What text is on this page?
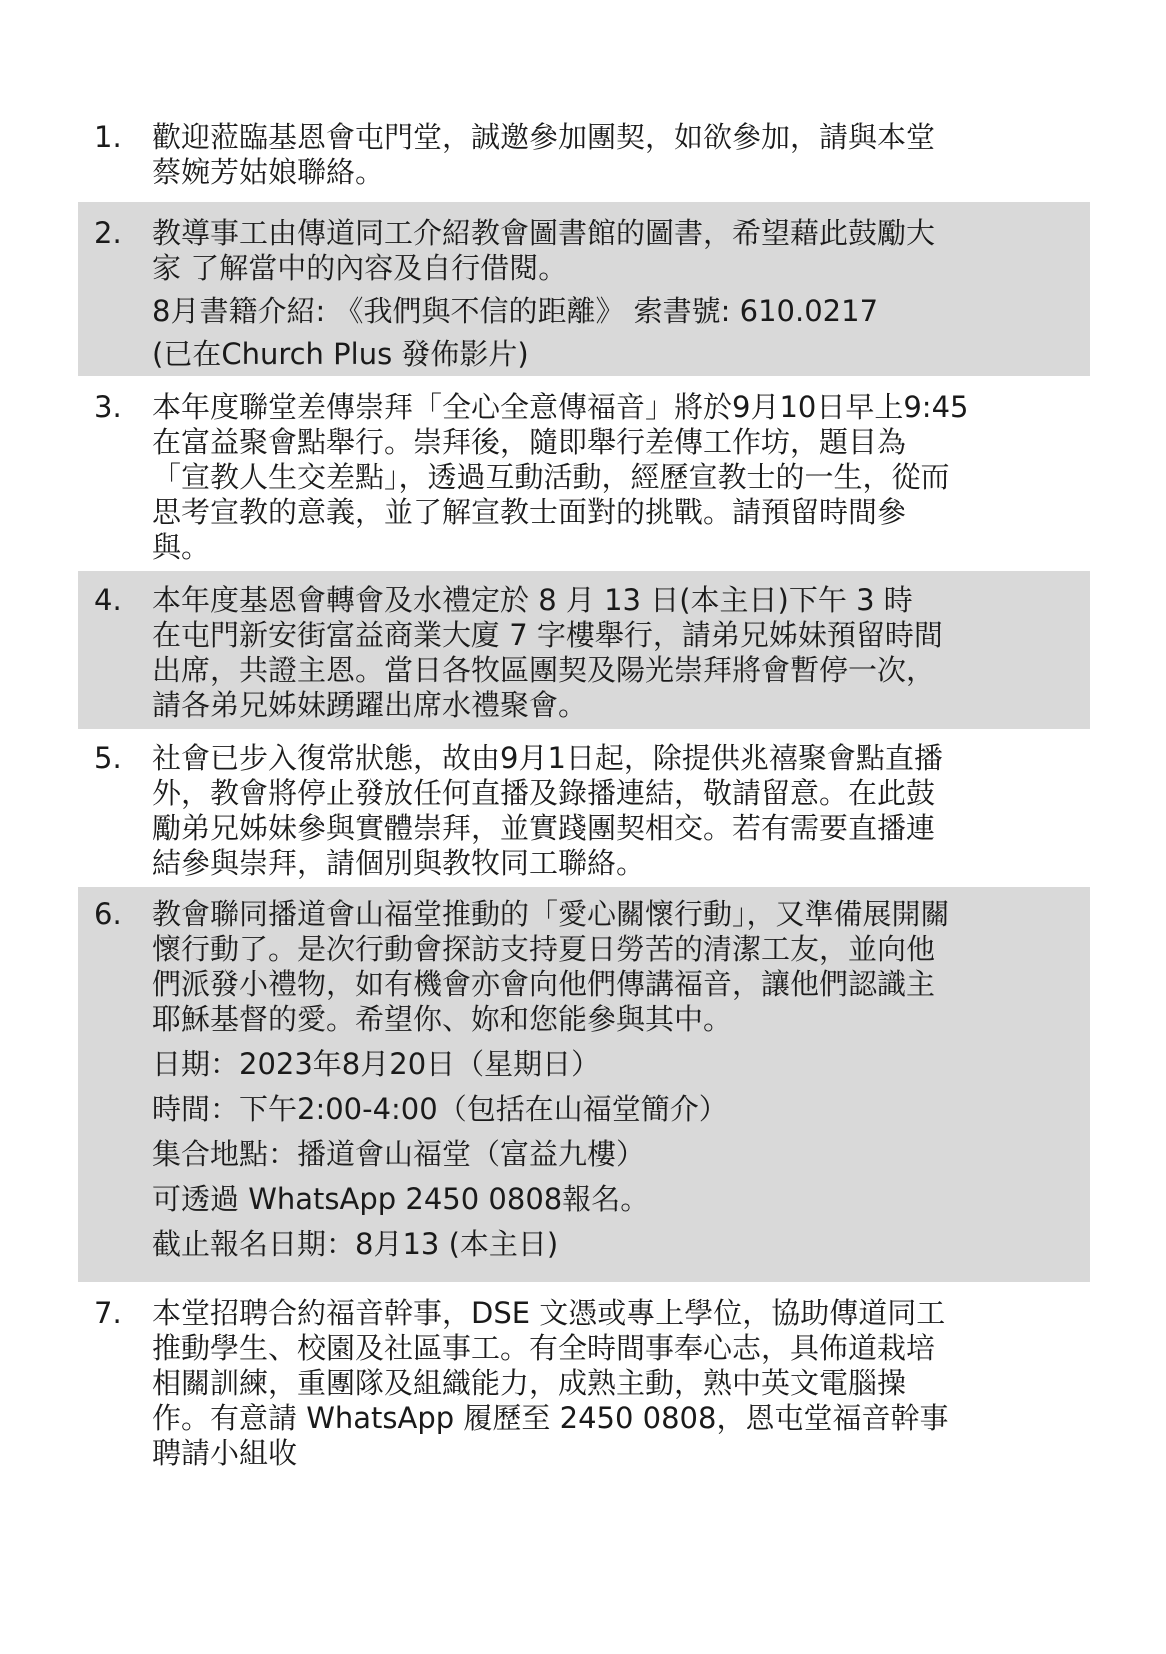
1. 歡迎蒞臨基恩會屯門堂，誠邀參加團契，如欲參加，請與本堂
蔡婉芳姑娘聯絡。
2. 教導事工由傳道同工介紹教會圖書館的圖書，希望藉此鼓勵大
家 了解當中的內容及自行借閱。
8月書籍介紹: 《我們與不信的距離》 索書號: 610.0217
(已在Church Plus 發佈影片)
3. 本年度聯堂差傳崇拜「全心全意傳福音」將於9月10日早上9:45
在富益聚會點舉行。崇拜後，隨即舉行差傳工作坊，題目為
「宣教人生交差點」，透過互動活動，經歷宣教士的一生，從而
思考宣教的意義，並了解宣教士面對的挑戰。請預留時間參
與。
4. 本年度基恩會轉會及水禮定於 8 月 13 日(本主日)下午 3 時
在屯門新安街富益商業大廈 7 字樓舉行，請弟兄姊妹預留時間
出席，共證主恩。當日各牧區團契及陽光崇拜將會暫停一次，
請各弟兄姊妹踴躍出席水禮聚會。
5. 社會已步入復常狀態，故由9月1日起，除提供兆禧聚會點直播
外，教會將停止發放任何直播及錄播連結，敬請留意。在此鼓
勵弟兄姊妹參與實體崇拜，並實踐團契相交。若有需要直播連
結參與崇拜，請個別與教牧同工聯絡。
6. 教會聯同播道會山福堂推動的「愛心關懷行動」，又準備展開關
懷行動了。是次行動會探訪支持夏日勞苦的清潔工友，並向他
們派發小禮物，如有機會亦會向他們傳講福音，讓他們認識主
耶穌基督的愛。希望你、妳和您能參與其中。
日期：2023年8月20日（星期日）
時間：下午2:00-4:00（包括在山福堂簡介）
集合地點：播道會山福堂（富益九樓）
可透過 WhatsApp 2450 0808報名。
截止報名日期：8月13 (本主日)
7. 本堂招聘合約福音幹事，DSE 文憑或專上學位，協助傳道同工
推動學生、校園及社區事工。有全時間事奉心志，具佈道栽培
相關訓練，重團隊及組織能力，成熟主動，熟中英文電腦操
作。有意請 WhatsApp 履歷至 2450 0808，恩屯堂福音幹事
聘請小組收
